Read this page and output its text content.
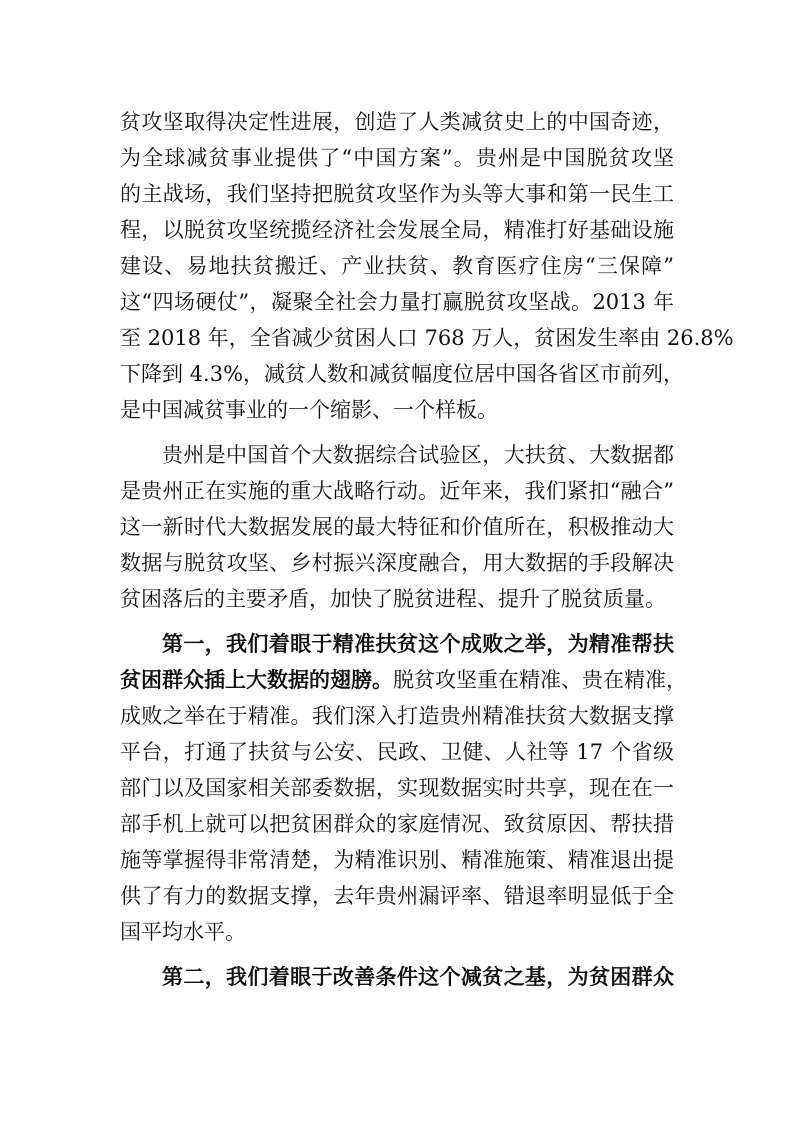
贫攻坚取得决定性进展，创造了人类减贫史上的中国奇迹，
为全球减贫事业提供了“中国方案”。贵州是中国脱贫攻坚
的主战场，我们坚持把脱贫攻坚作为头等大事和第一民生工
程，以脱贫攻坚统揽经济社会发展全局，精准打好基础设施
建设、易地扶贫搬迁、产业扶贫、教育医疗住房“三保障”
这“四场硬仗”，凝聚全社会力量打赢脱贫攻坚战。2013 年
至 2018 年，全省减少贫困人口 768 万人，贫困发生率由 26.8%
下降到 4.3%，减贫人数和减贫幅度位居中国各省区市前列，
是中国减贫事业的一个缩影、一个样板。
贵州是中国首个大数据综合试验区，大扶贫、大数据都
是贵州正在实施的重大战略行动。近年来，我们紧扣“融合”
这一新时代大数据发展的最大特征和价值所在，积极推动大
数据与脱贫攻坚、乡村振兴深度融合，用大数据的手段解决
贫困落后的主要矛盾，加快了脱贫进程、提升了脱贫质量。
第一，我们着眼于精准扶贫这个成败之举，为精准帮扶
贫困群众插上大数据的翅膀。脱贫攻坚重在精准、贵在精准，
成败之举在于精准。我们深入打造贵州精准扶贫大数据支撑
平台，打通了扶贫与公安、民政、卫健、人社等 17 个省级
部门以及国家相关部委数据，实现数据实时共享，现在在一
部手机上就可以把贫困群众的家庭情况、致贫原因、帮扶措
施等掌握得非常清楚，为精准识别、精准施策、精准退出提
供了有力的数据支撑，去年贵州漏评率、错退率明显低于全
国平均水平。
第二，我们着眼于改善条件这个减贫之基，为贫困群众
